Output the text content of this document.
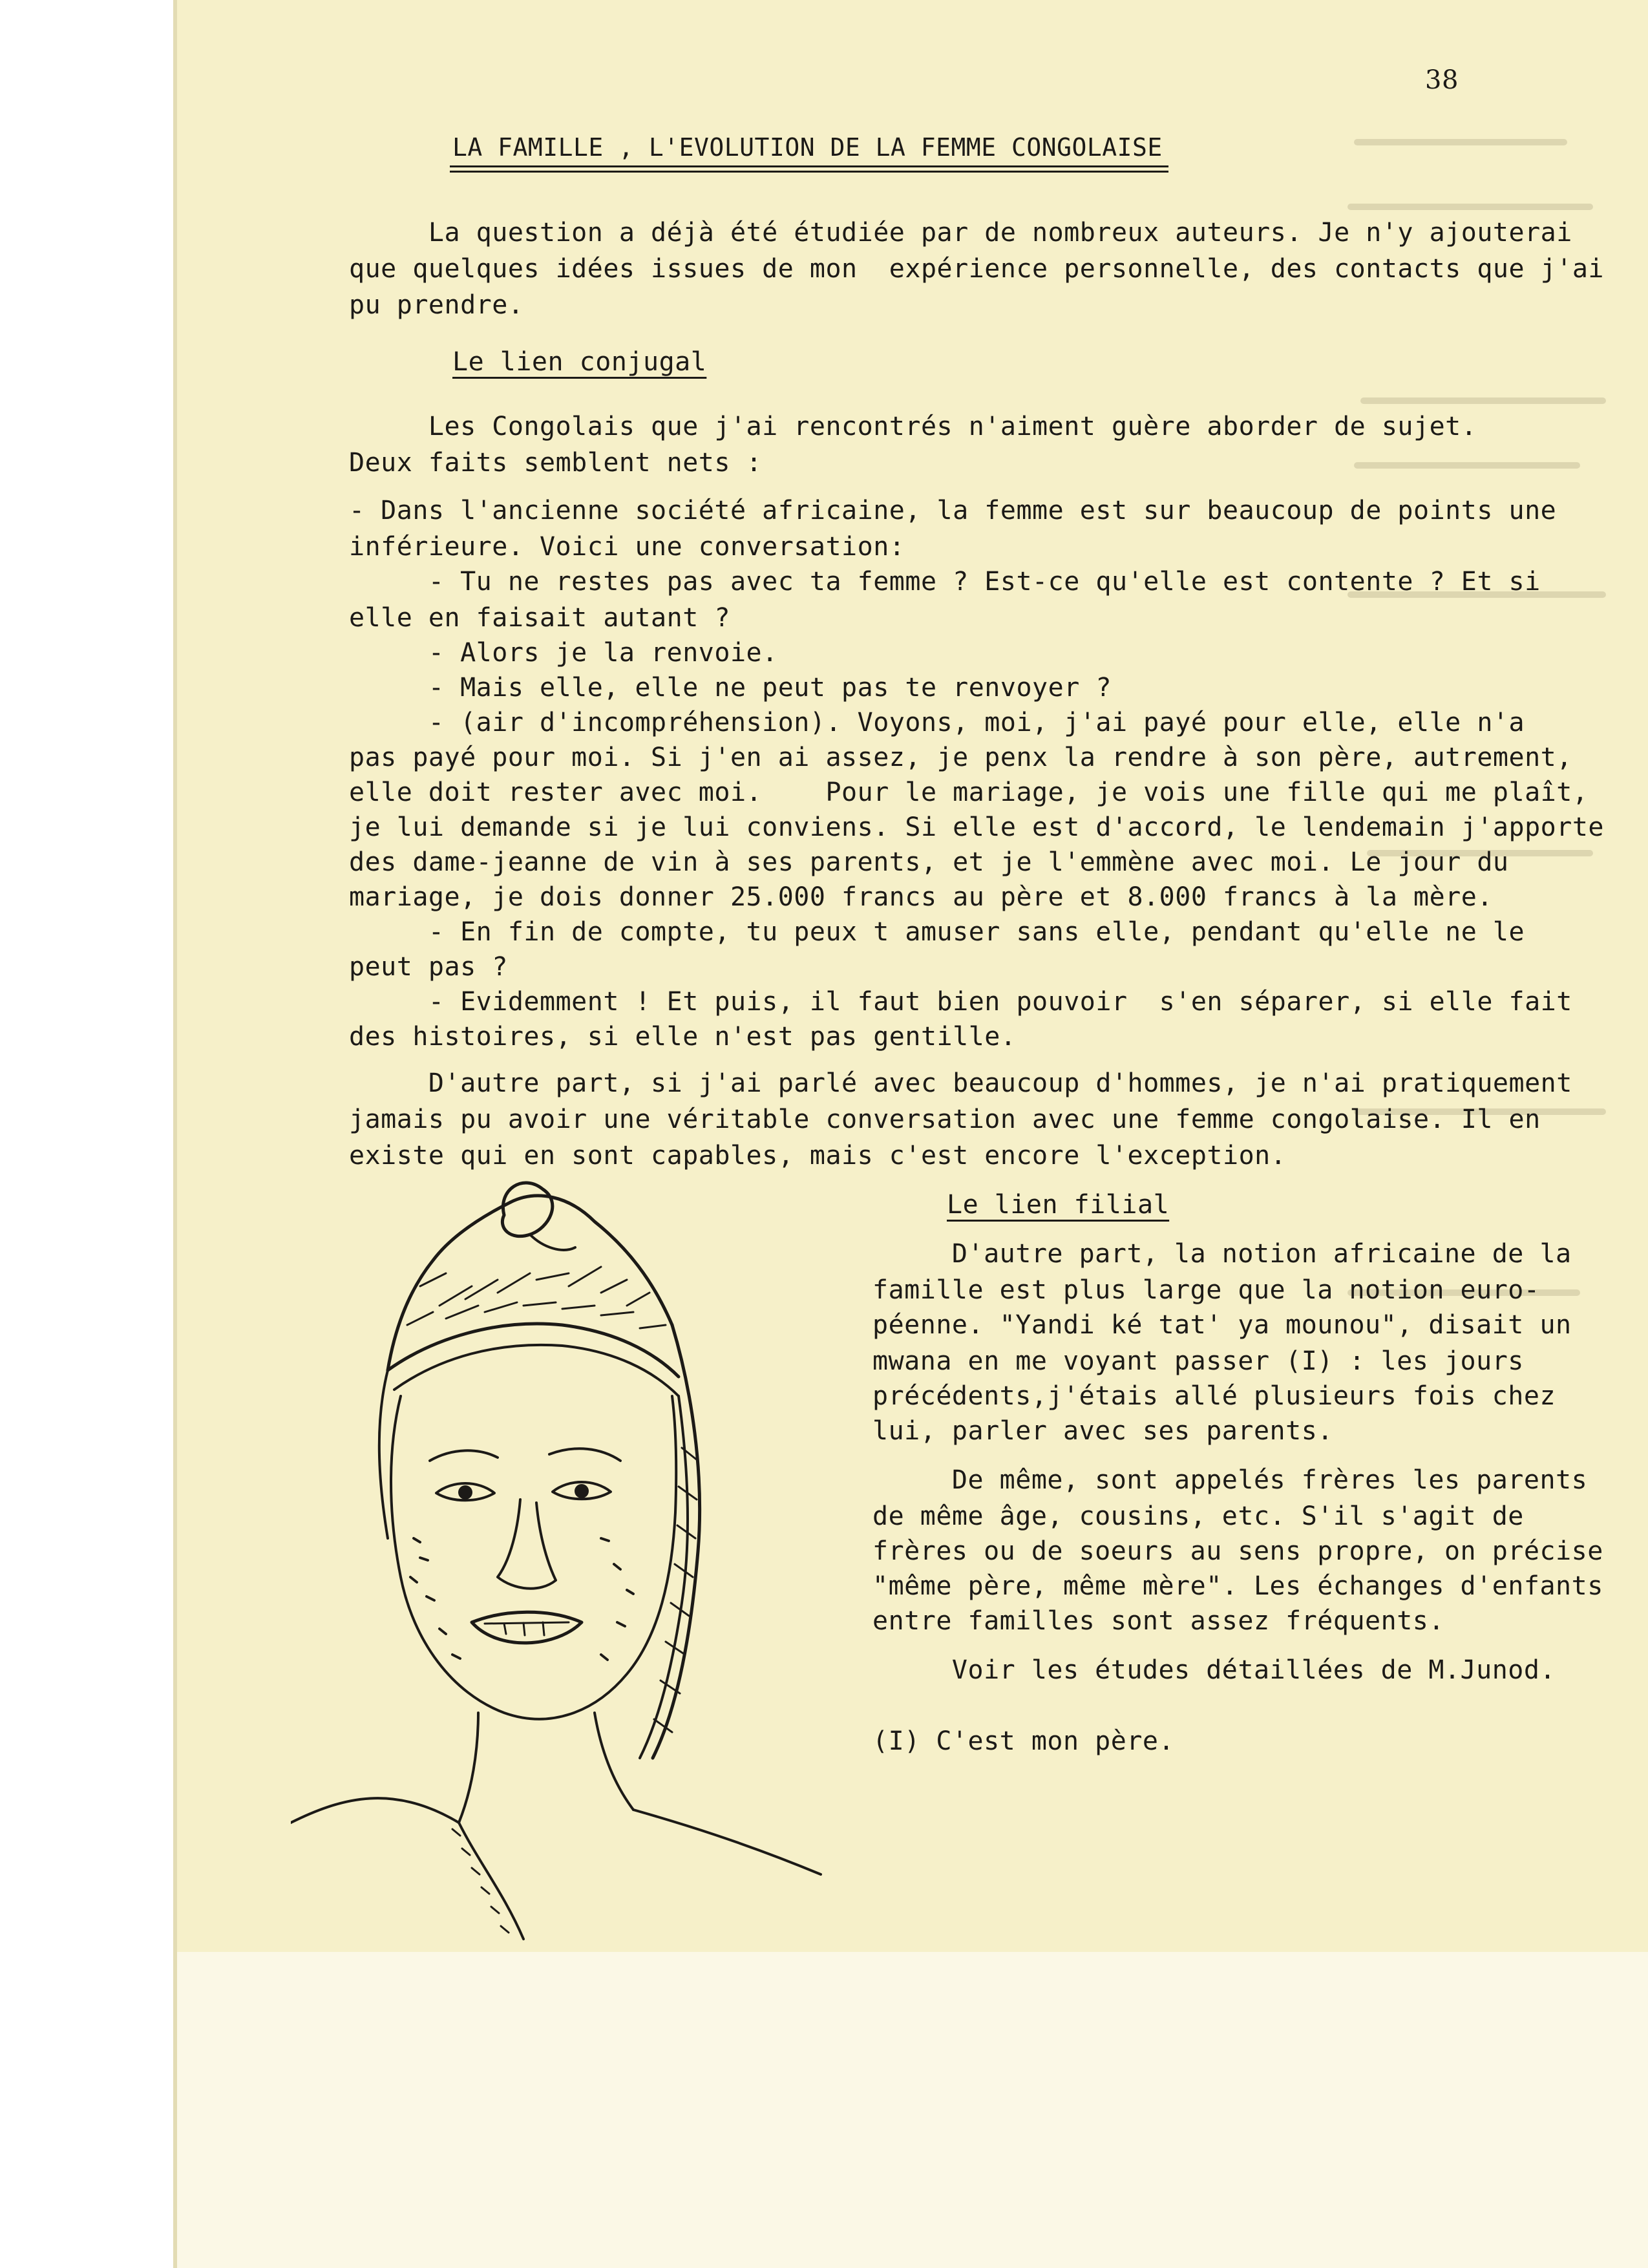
38
LA FAMILLE , L'EVOLUTION DE LA FEMME CONGOLAISE
La question a déjà été étudiée par de nombreux auteurs. Je n'y ajouterai
que quelques idées issues de mon  expérience personnelle, des contacts que j'ai
pu prendre.
Le lien conjugal
Les Congolais que j'ai rencontrés n'aiment guère aborder de sujet.
Deux faits semblent nets :
- Dans l'ancienne société africaine, la femme est sur beaucoup de points une
inférieure. Voici une conversation:
- Tu ne restes pas avec ta femme ? Est-ce qu'elle est contente ? Et si
elle en faisait autant ?
- Alors je la renvoie.
- Mais elle, elle ne peut pas te renvoyer ?
- (air d'incompréhension). Voyons, moi, j'ai payé pour elle, elle n'a
pas payé pour moi. Si j'en ai assez, je penx la rendre à son père, autrement,
elle doit rester avec moi.    Pour le mariage, je vois une fille qui me plaît,
je lui demande si je lui conviens. Si elle est d'accord, le lendemain j'apporte
des dame-jeanne de vin à ses parents, et je l'emmène avec moi. Le jour du
mariage, je dois donner 25.000 francs au père et 8.000 francs à la mère.
- En fin de compte, tu peux t amuser sans elle, pendant qu'elle ne le
peut pas ?
- Evidemment ! Et puis, il faut bien pouvoir  s'en séparer, si elle fait
des histoires, si elle n'est pas gentille.
D'autre part, si j'ai parlé avec beaucoup d'hommes, je n'ai pratiquement
jamais pu avoir une véritable conversation avec une femme congolaise. Il en
existe qui en sont capables, mais c'est encore l'exception.
Le lien filial
D'autre part, la notion africaine de la
famille est plus large que la notion euro-
péenne. "Yandi ké tat' ya mounou", disait un
mwana en me voyant passer (I) : les jours
précédents,j'étais allé plusieurs fois chez
lui, parler avec ses parents.
De même, sont appelés frères les parents
de même âge, cousins, etc. S'il s'agit de
frères ou de soeurs au sens propre, on précise
"même père, même mère". Les échanges d'enfants
entre familles sont assez fréquents.
Voir les études détaillées de M.Junod.
(I) C'est mon père.
